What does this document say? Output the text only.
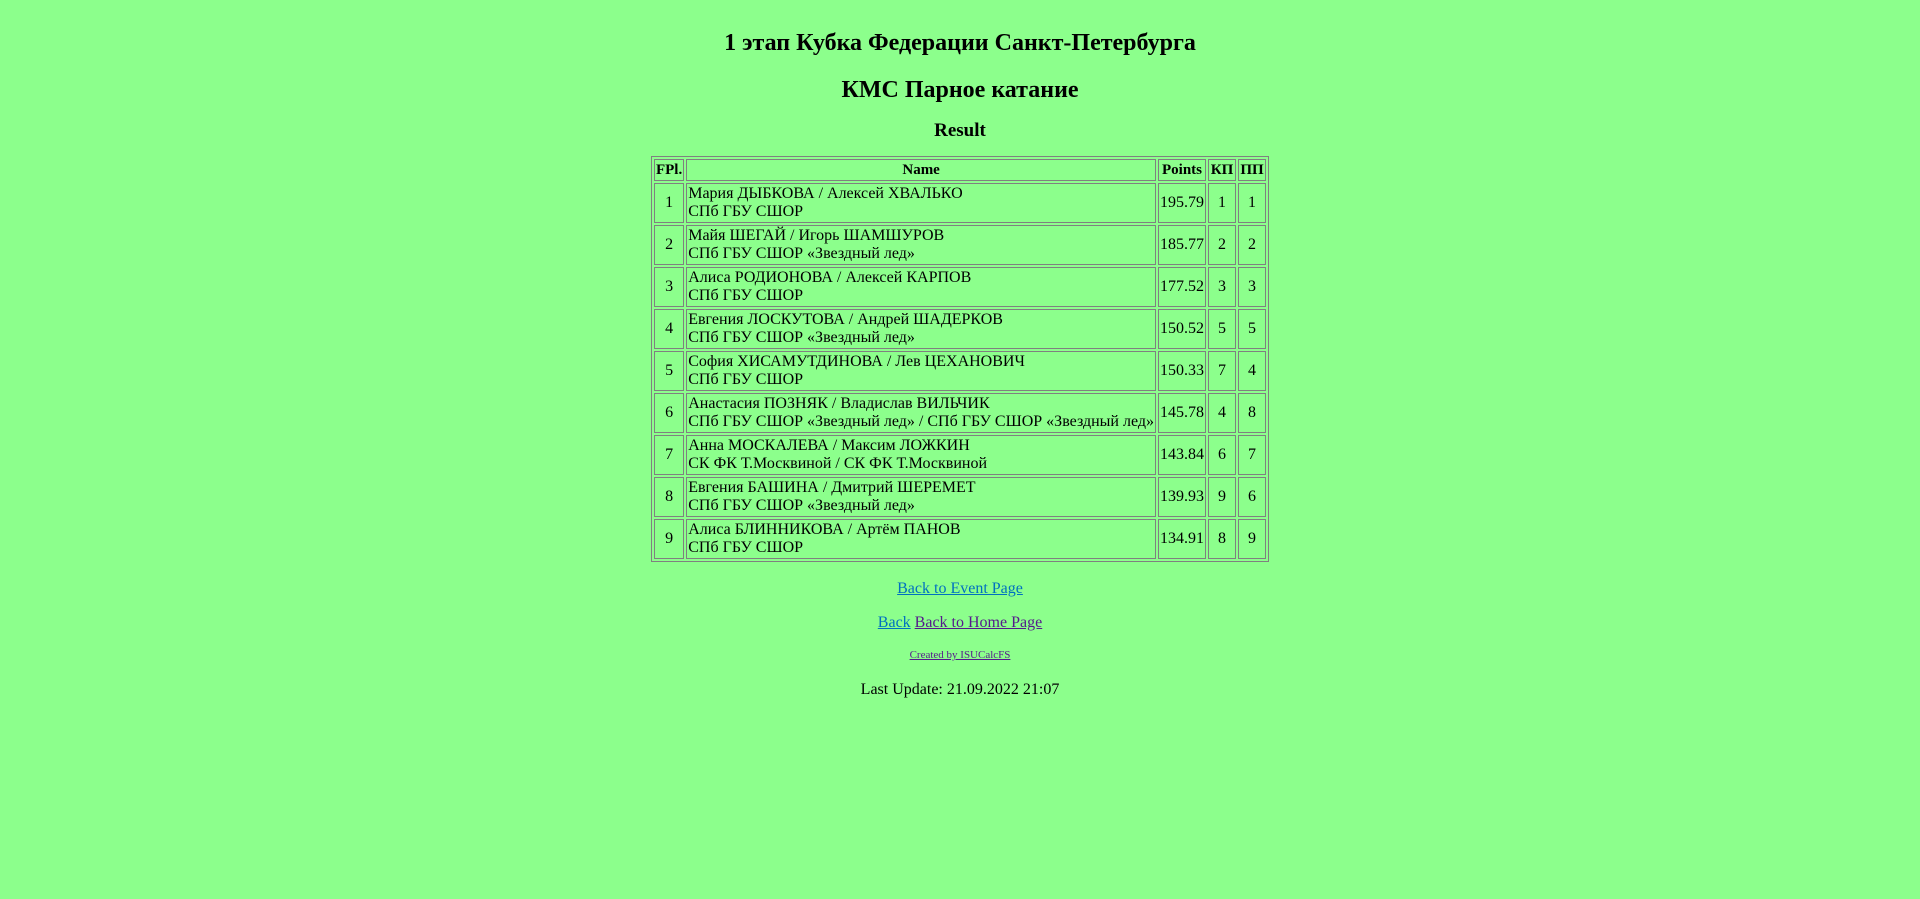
1 этап Кубка Федерации Санкт-Петербурга
КМС Парное катание
Result
FPl.	Name	Points	КП	ПП
1	Мария ДЫБКОВА / Алексей ХВАЛЬКО
СПб ГБУ СШОР	195.79	1	1
2	Майя ШЕГАЙ / Игорь ШАМШУРОВ
СПб ГБУ СШОР «Звездный лед»	185.77	2	2
3	Алиса РОДИОНОВА / Алексей КАРПОВ
СПб ГБУ СШОР	177.52	3	3
4	Евгения ЛОСКУТОВА / Андрей ШАДЕРКОВ
СПб ГБУ СШОР «Звездный лед»	150.52	5	5
5	София ХИСАМУТДИНОВА / Лев ЦЕХАНОВИЧ
СПб ГБУ СШОР	150.33	7	4
6	Анастасия ПОЗНЯК / Владислав ВИЛЬЧИК
СПб ГБУ СШОР «Звездный лед» / СПб ГБУ СШОР «Звездный лед»	145.78	4	8
7	Анна МОСКАЛЕВА / Максим ЛОЖКИН
СК ФК Т.Москвиной / СК ФК Т.Москвиной	143.84	6	7
8	Евгения БАШИНА / Дмитрий ШЕРЕМЕТ
СПб ГБУ СШОР «Звездный лед»	139.93	9	6
9	Алиса БЛИННИКОВА / Артём ПАНОВ
СПб ГБУ СШОР	134.91	8	9

Back to Event Page

Back Back to Home Page

Created by ISUCalcFS

Last Update: 21.09.2022 21:07
